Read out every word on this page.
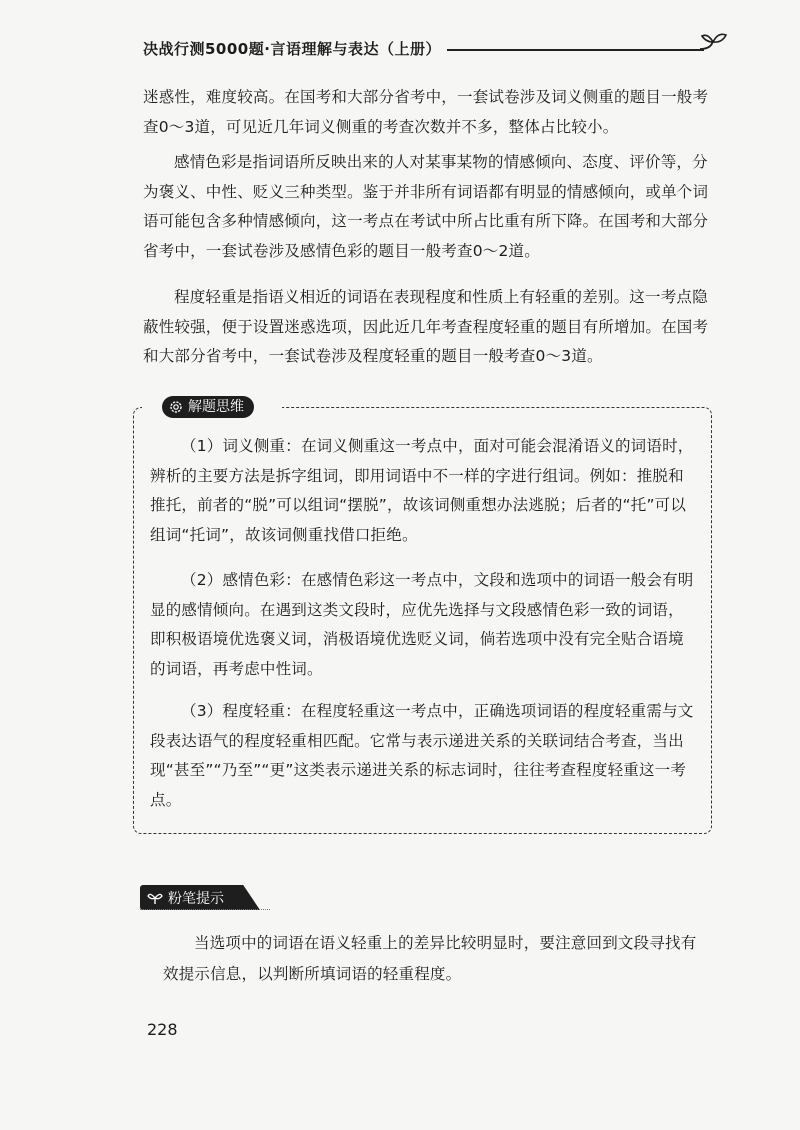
决战行测5000题·言语理解与表达（上册）

迷惑性，难度较高。在国考和大部分省考中，一套试卷涉及词义侧重的题目一般考查0～3道，可见近几年词义侧重的考查次数并不多，整体占比较小。

感情色彩是指词语所反映出来的人对某事某物的情感倾向、态度、评价等，分为褒义、中性、贬义三种类型。鉴于并非所有词语都有明显的情感倾向，或单个词语可能包含多种情感倾向，这一考点在考试中所占比重有所下降。在国考和大部分省考中，一套试卷涉及感情色彩的题目一般考查0～2道。

程度轻重是指语义相近的词语在表现程度和性质上有轻重的差别。这一考点隐蔽性较强，便于设置迷惑选项，因此近几年考查程度轻重的题目有所增加。在国考和大部分省考中，一套试卷涉及程度轻重的题目一般考查0～3道。

解题思维

（1）词义侧重：在词义侧重这一考点中，面对可能会混淆语义的词语时，辨析的主要方法是拆字组词，即用词语中不一样的字进行组词。例如：推脱和推托，前者的“脱”可以组词“摆脱”，故该词侧重想办法逃脱；后者的“托”可以组词“托词”，故该词侧重找借口拒绝。

（2）感情色彩：在感情色彩这一考点中，文段和选项中的词语一般会有明显的感情倾向。在遇到这类文段时，应优先选择与文段感情色彩一致的词语，即积极语境优选褒义词，消极语境优选贬义词，倘若选项中没有完全贴合语境的词语，再考虑中性词。

（3）程度轻重：在程度轻重这一考点中，正确选项词语的程度轻重需与文段表达语气的程度轻重相匹配。它常与表示递进关系的关联词结合考查，当出现“甚至”“乃至”“更”这类表示递进关系的标志词时，往往考查程度轻重这一考点。

粉笔提示

当选项中的词语在语义轻重上的差异比较明显时，要注意回到文段寻找有效提示信息，以判断所填词语的轻重程度。

228
